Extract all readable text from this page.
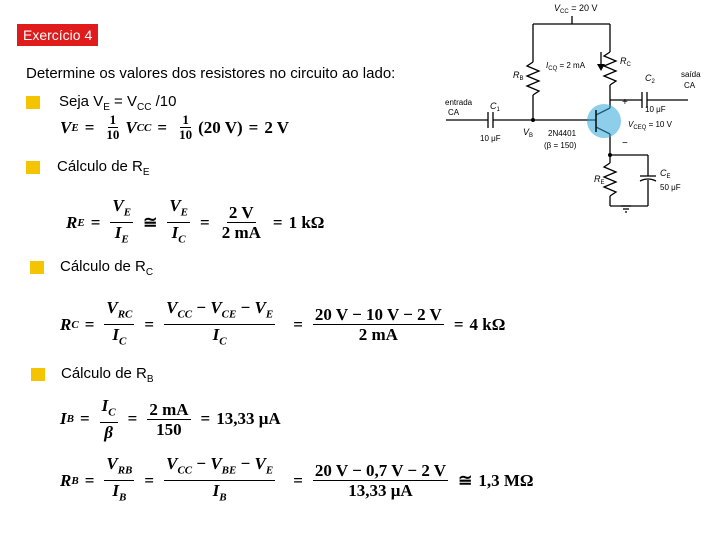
Exercício 4
Determine os valores dos resistores no circuito ao lado:
Seja $V_E = V_{CC}$ /10
V $E = \frac{1}{10}$ V CC = $\frac{1}{10} (20$ V) = 2 V
Cálculo de $R_E$
R $E = \frac{V_E}{I_E}$ ≅ $\frac{V_E}{I_C} = \frac{2 V}{2 mA} = 1$ kΩ
Cálculo de $R_C$
R $C = \frac{V_{RC}}{I_C} = \frac{V_{CC} - V_{CE} - V_E}{I_C} = \frac{20 V - 10 V - 2 V}{2 mA} = 4$ kΩ
Cálculo de $R_B$
I $B = \frac{I_C}{\beta} = \frac{2 mA}{150} = 13,33$ μA
R $B = \frac{V_{RB}}{I_B} = \frac{V_{CC} - V_{BE} - V_E}{I_B} = \frac{20 V - 0,7 V - 2 V}{13,33 \mu A}$ ≅ 1,3 MΩ
$V_{CC} = 20$ V
$R_B$
$R_C$
$I_{CQ} = 2$ mA
$C_2$
10 μF
saída
CA
entrada
CA
$C_1$
10 μF
$V_B$ 2N4401
(β = 150)
+
−
$V_{CEQ} = 10$ V
$R_E$
$C_E$
50 μF
